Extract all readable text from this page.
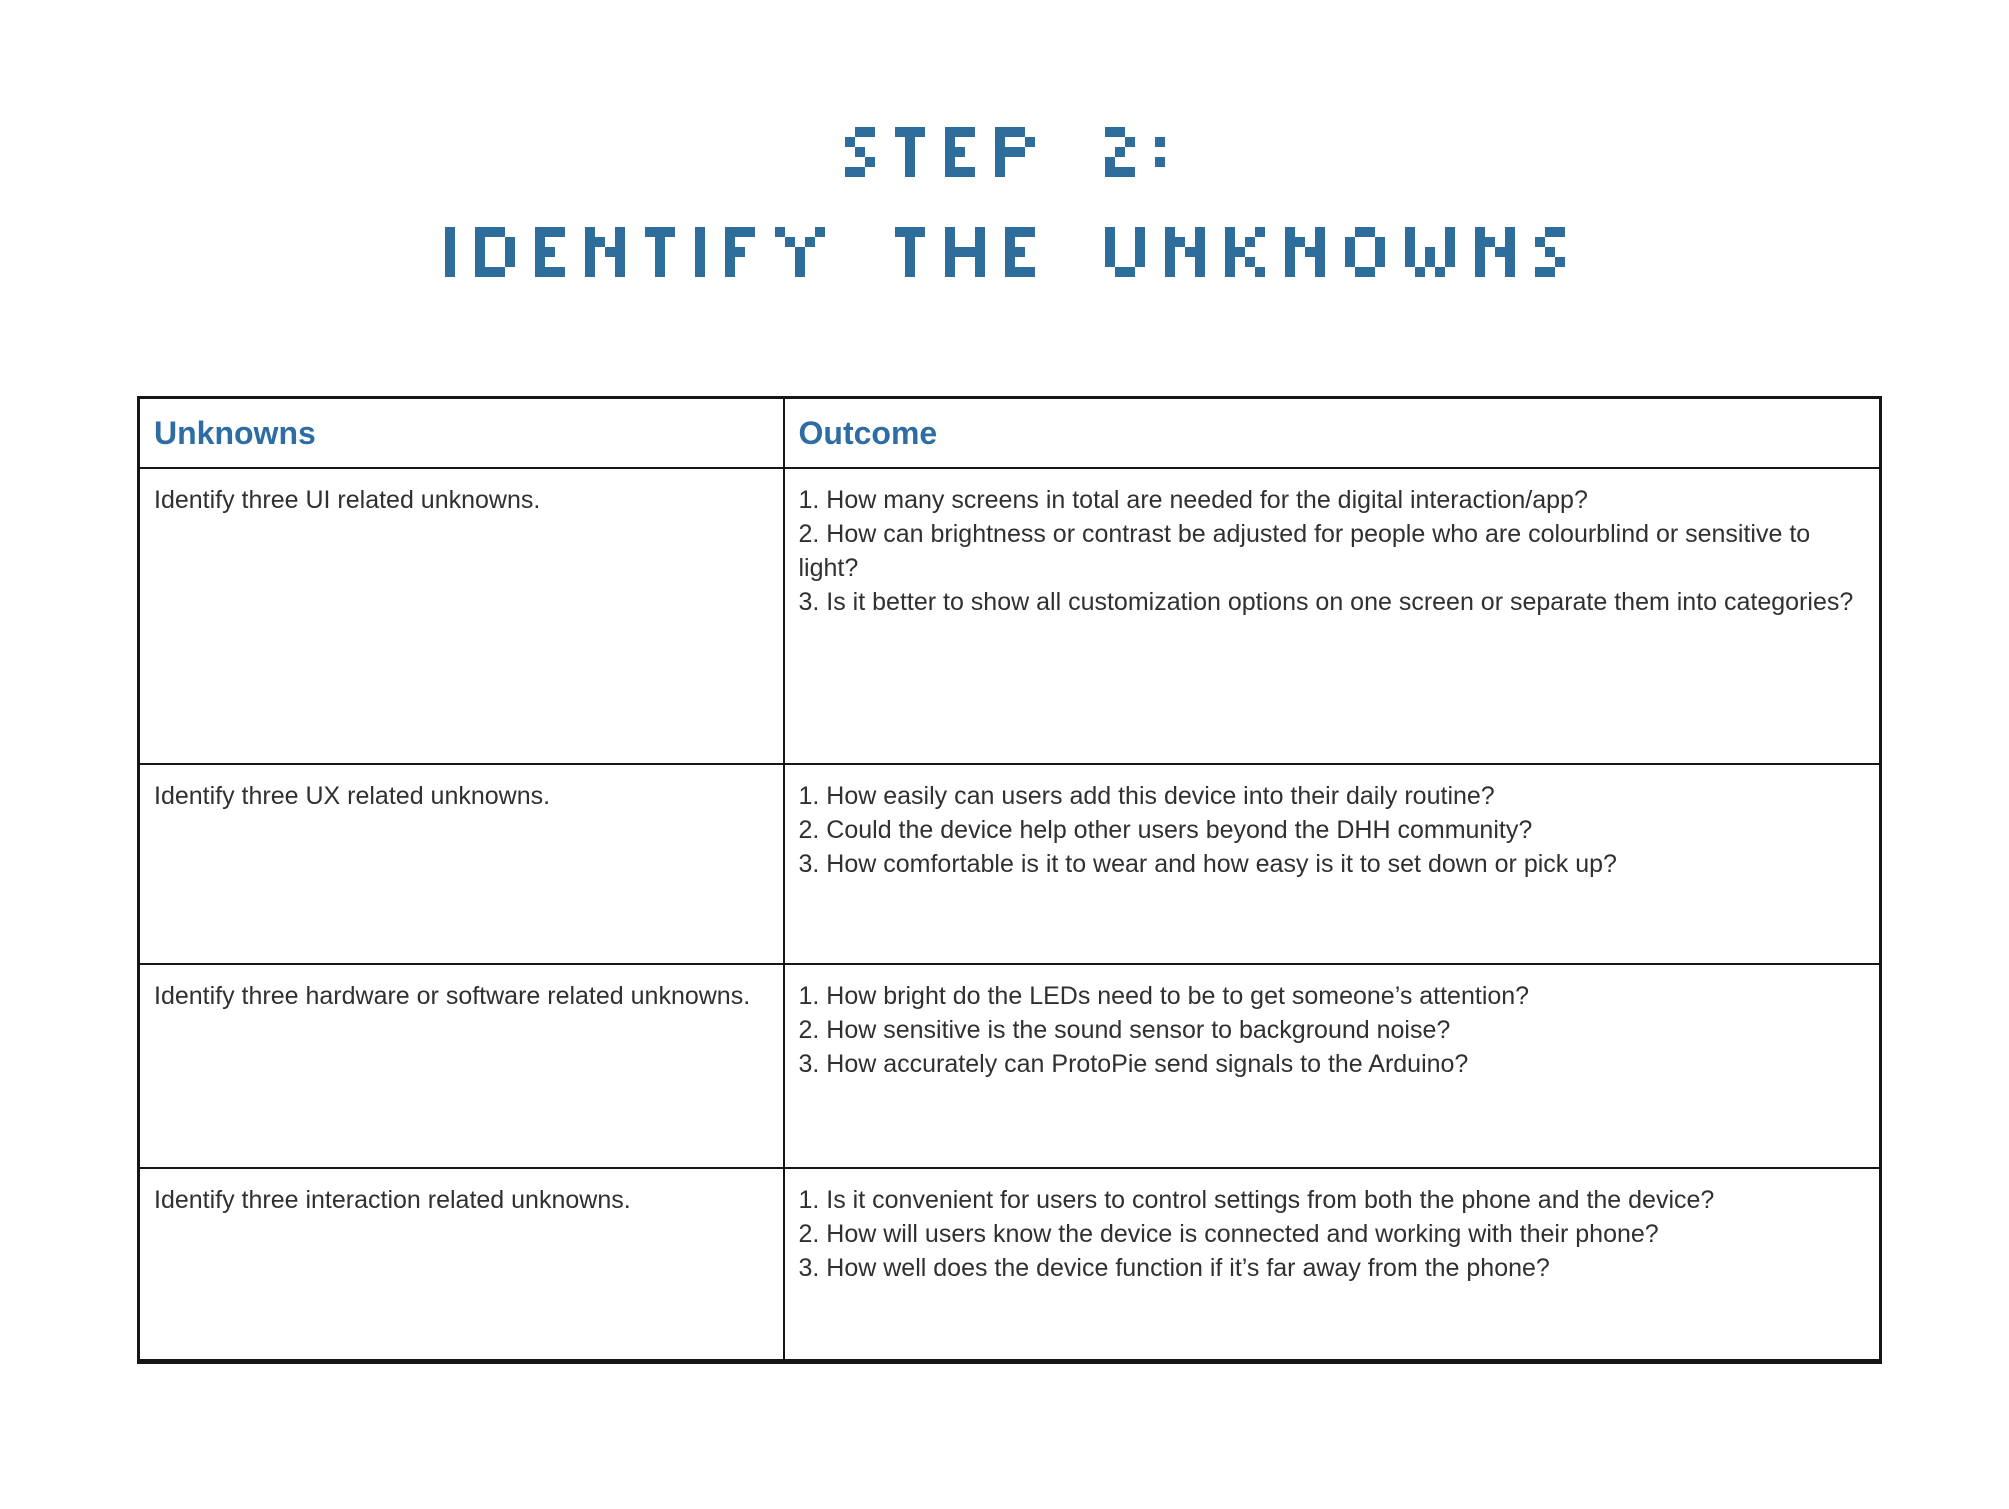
Unknowns	Outcome
Identify three UI related unknowns.	1. How many screens in total are needed for the digital interaction/app?

2. How can brightness or contrast be adjusted for people who are colourblind or sensitive to light?

3. Is it better to show all customization options on one screen or separate them into categories?

Identify three UX related unknowns.	1. How easily can users add this device into their daily routine?

2. Could the device help other users beyond the DHH community?

3. How comfortable is it to wear and how easy is it to set down or pick up?

Identify three hardware or software related unknowns.	1. How bright do the LEDs need to be to get someone’s attention?

2. How sensitive is the sound sensor to background noise?

3. How accurately can ProtoPie send signals to the Arduino?

Identify three interaction related unknowns.	1. Is it convenient for users to control settings from both the phone and the device?

2. How will users know the device is connected and working with their phone?

3. How well does the device function if it’s far away from the phone?
